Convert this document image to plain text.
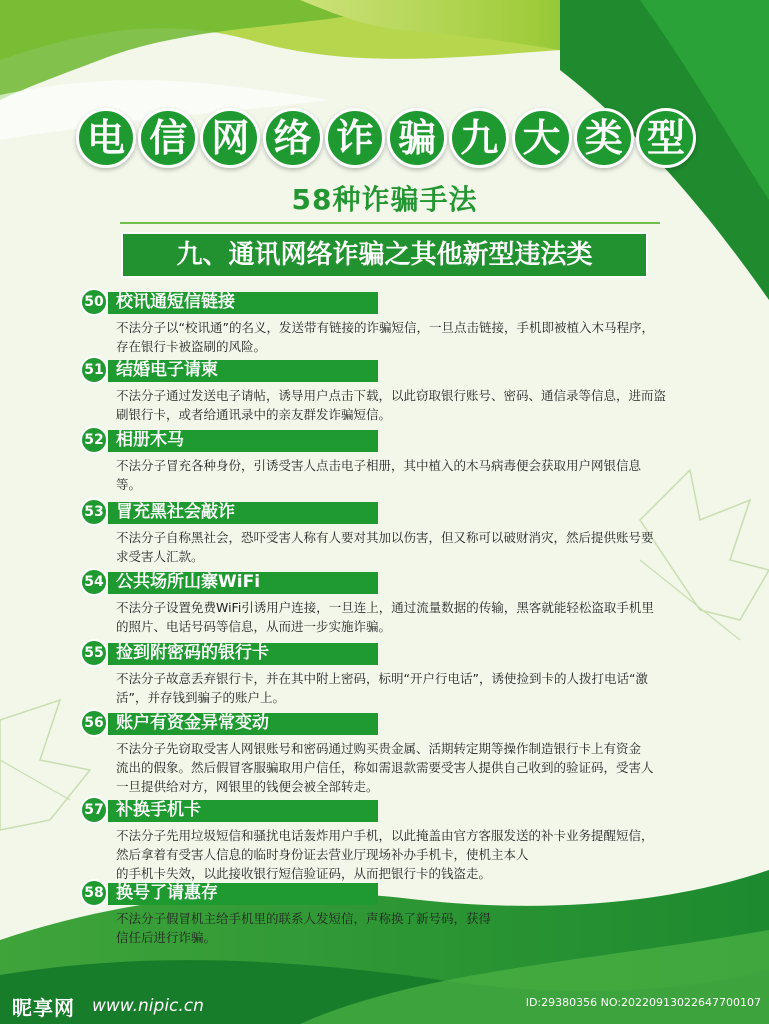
电 信 网 络 诈 骗 九 大 类 型
58种诈骗手法
九、通讯网络诈骗之其他新型违法类
校讯通短信链接
50
不法分子以“校讯通”的名义，发送带有链接的诈骗短信，一旦点击链接，手机即被植入木马程序，
存在银行卡被盗刷的风险。
结婚电子请柬
51
不法分子通过发送电子请帖，诱导用户点击下载，以此窃取银行账号、密码、通信录等信息，进而盗
刷银行卡，或者给通讯录中的亲友群发诈骗短信。
相册木马
52
不法分子冒充各种身份，引诱受害人点击电子相册，其中植入的木马病毒便会获取用户网银信息
等。
冒充黑社会敲诈
53
不法分子自称黑社会，恐吓受害人称有人要对其加以伤害，但又称可以破财消灾，然后提供账号要
求受害人汇款。
公共场所山寨WiFi
54
不法分子设置免费WiFi引诱用户连接，一旦连上，通过流量数据的传输，黑客就能轻松盗取手机里
的照片、电话号码等信息，从而进一步实施诈骗。
捡到附密码的银行卡
55
不法分子故意丢弃银行卡，并在其中附上密码，标明“开户行电话”，诱使捡到卡的人拨打电话“激
活”，并存钱到骗子的账户上。
账户有资金异常变动
56
不法分子先窃取受害人网银账号和密码通过购买贵金属、活期转定期等操作制造银行卡上有资金
流出的假象。然后假冒客服骗取用户信任，称如需退款需要受害人提供自己收到的验证码，受害人
一旦提供给对方，网银里的钱便会被全部转走。
补换手机卡
57
不法分子先用垃圾短信和骚扰电话轰炸用户手机，以此掩盖由官方客服发送的补卡业务提醒短信，
然后拿着有受害人信息的临时身份证去营业厅现场补办手机卡，使机主本人
的手机卡失效，以此接收银行短信验证码，从而把银行卡的钱盗走。
换号了请惠存
58
不法分子假冒机主给手机里的联系人发短信，声称换了新号码，获得
信任后进行诈骗。
昵享网 www.nipic.cn	ID:29380356 NO:20220913022647700107
